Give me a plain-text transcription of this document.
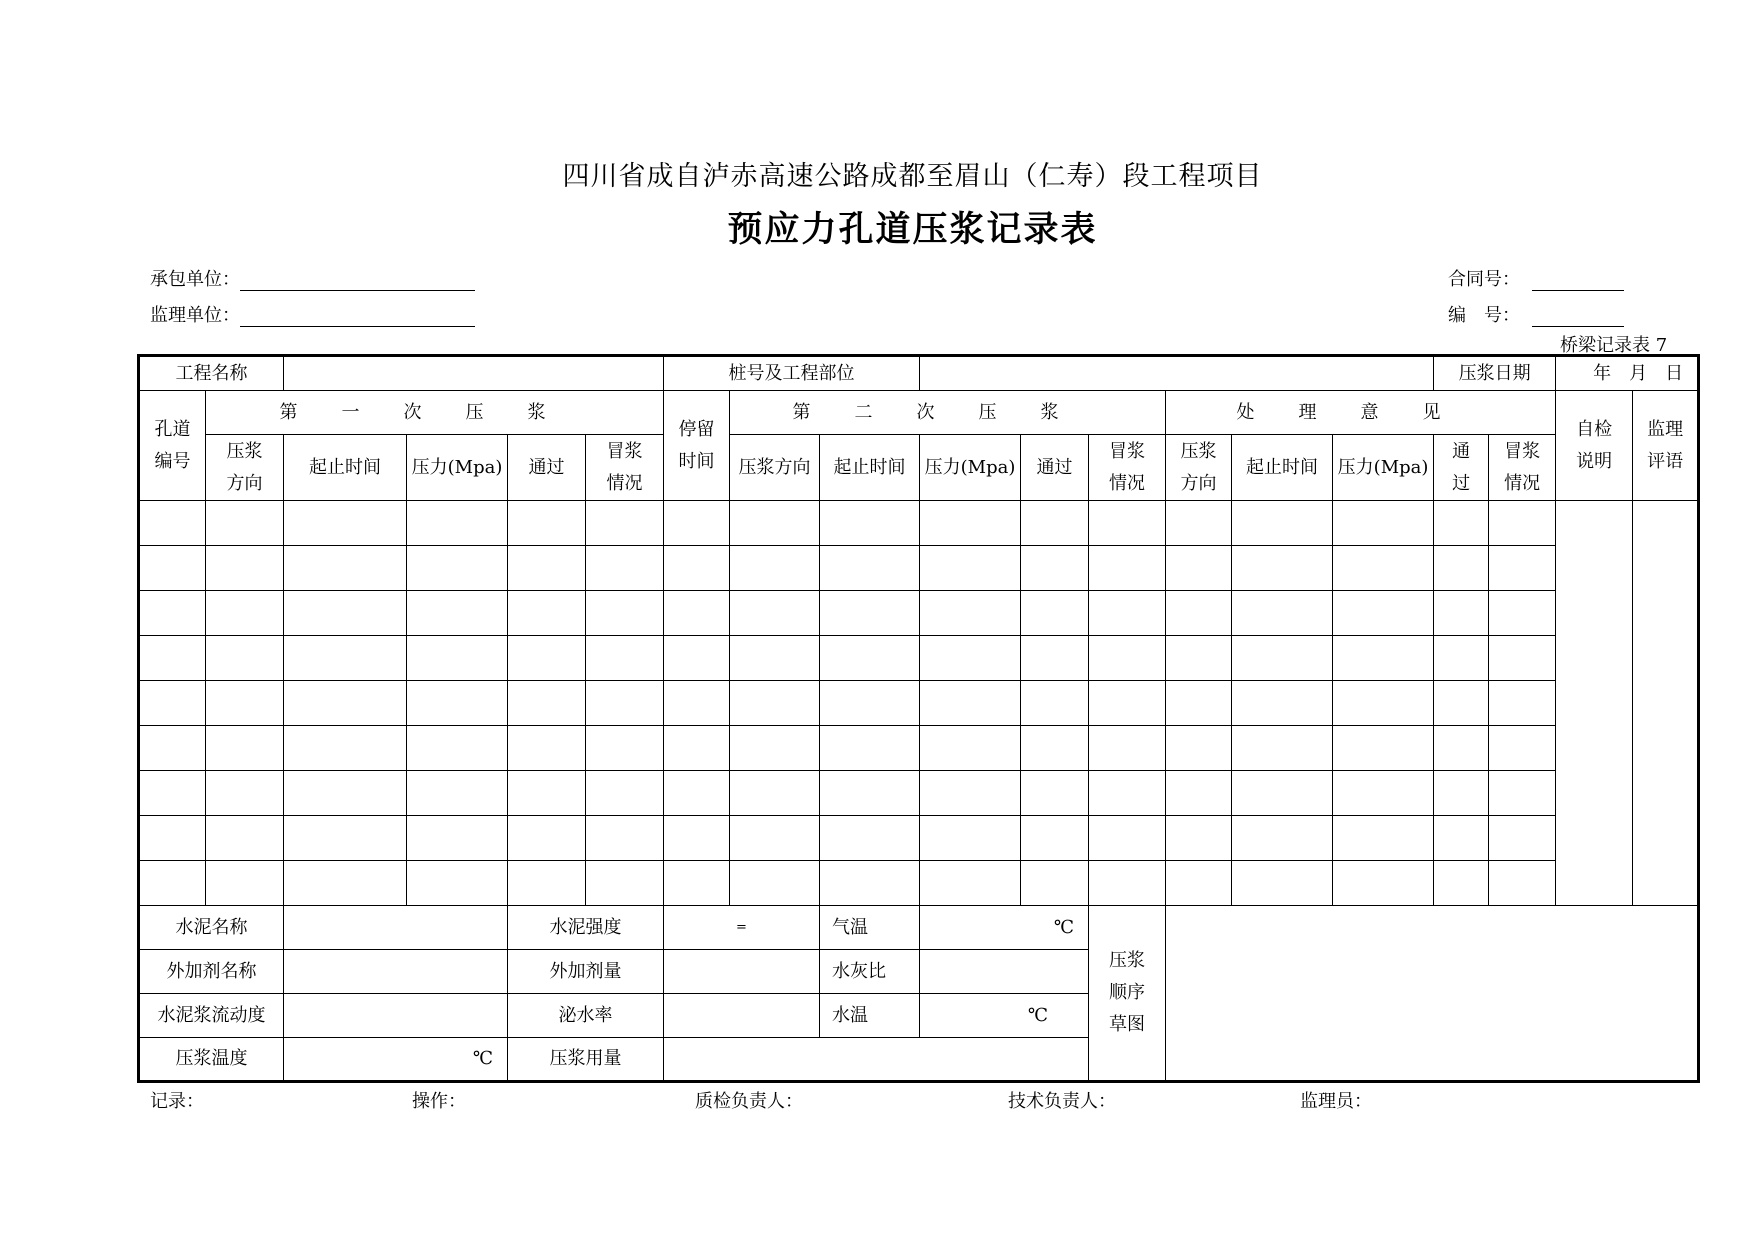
四川省成自泸赤高速公路成都至眉山（仁寿）段工程项目
预应力孔道压浆记录表
承包单位：
监理单位：
合同号：
编　号：
桥梁记录表 7
工程名称						桩号及工程部位									压浆日期		年　月　日	
孔道编号	第一次压浆					停留时间	第二次压浆					处理意见					自检说明	监理评语
	压浆方向	起止时间	压力(Mpa)	通过	冒浆情况		压浆方向	起止时间	压力(Mpa)	通过	冒浆情况	压浆方向	起止时间	压力(Mpa)	通过	冒浆情况		

水泥名称				水泥强度		=		气温	℃		压浆顺序草图							
外加剂名称				外加剂量				水灰比										
水泥浆流动度				泌水率				水温	℃									
压浆温度		℃		压浆用量														
记录：	操作：	质检负责人：	技术负责人：	监理员：
